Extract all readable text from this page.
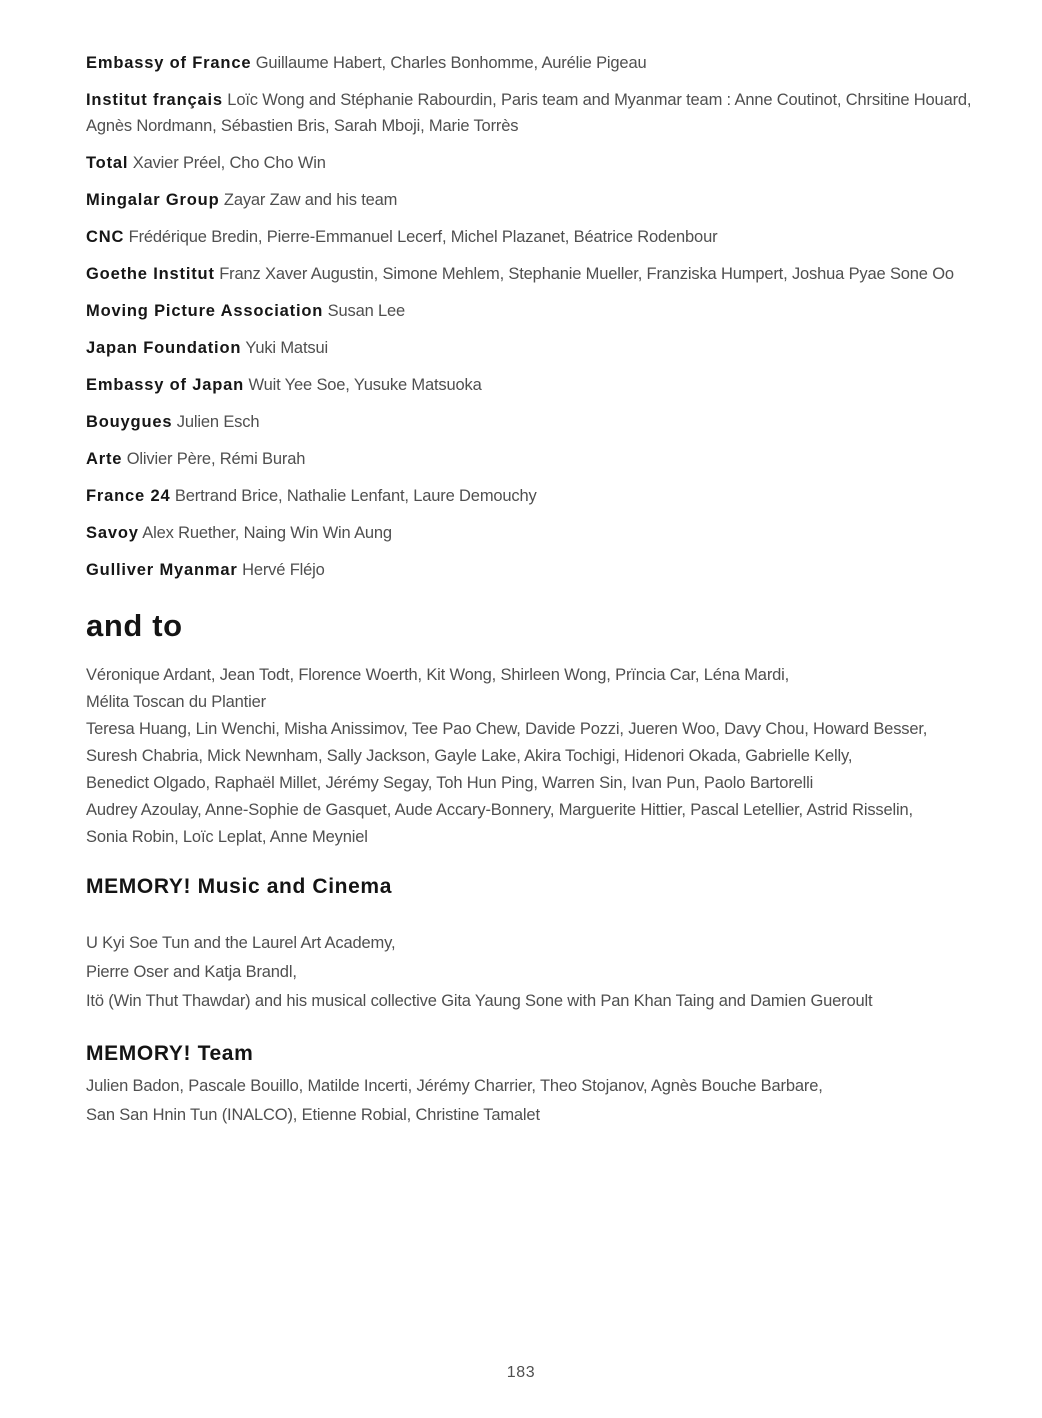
Embassy of France Guillaume Habert, Charles Bonhomme, Aurélie Pigeau
Institut français Loïc Wong and Stéphanie Rabourdin, Paris team and Myanmar team : Anne Coutinot, Chrsitine Houard, Agnès Nordmann, Sébastien Bris, Sarah Mboji, Marie Torrès
Total Xavier Préel, Cho Cho Win
Mingalar Group Zayar Zaw and his team
CNC Frédérique Bredin, Pierre-Emmanuel Lecerf, Michel Plazanet, Béatrice Rodenbour
Goethe Institut Franz Xaver Augustin, Simone Mehlem, Stephanie Mueller, Franziska Humpert, Joshua Pyae Sone Oo
Moving Picture Association Susan Lee
Japan Foundation Yuki Matsui
Embassy of Japan Wuit Yee Soe, Yusuke Matsuoka
Bouygues Julien Esch
Arte Olivier Père, Rémi Burah
France 24 Bertrand Brice, Nathalie Lenfant, Laure Demouchy
Savoy Alex Ruether, Naing Win Win Aung
Gulliver Myanmar Hervé Fléjo
and to
Véronique Ardant, Jean Todt, Florence Woerth, Kit Wong, Shirleen Wong, Prïncia Car, Léna Mardi,
Mélita Toscan du Plantier
Teresa Huang, Lin Wenchi, Misha Anissimov, Tee Pao Chew, Davide Pozzi, Jueren Woo, Davy Chou, Howard Besser,
Suresh Chabria, Mick Newnham, Sally Jackson, Gayle Lake, Akira Tochigi, Hidenori Okada, Gabrielle Kelly,
Benedict Olgado, Raphaël Millet, Jérémy Segay, Toh Hun Ping, Warren Sin, Ivan Pun, Paolo Bartorelli
Audrey Azoulay, Anne-Sophie de Gasquet, Aude Accary-Bonnery, Marguerite Hittier, Pascal Letellier, Astrid Risselin,
Sonia Robin, Loïc Leplat, Anne Meyniel
MEMORY! Music and Cinema
U Kyi Soe Tun and the Laurel Art Academy,
Pierre Oser and Katja Brandl,
Itö (Win Thut Thawdar) and his musical collective Gita Yaung Sone with Pan Khan Taing and Damien Gueroult
MEMORY! Team
Julien Badon, Pascale Bouillo, Matilde Incerti, Jérémy Charrier, Theo Stojanov, Agnès Bouche Barbare,
San San Hnin Tun (INALCO), Etienne Robial, Christine Tamalet
183
